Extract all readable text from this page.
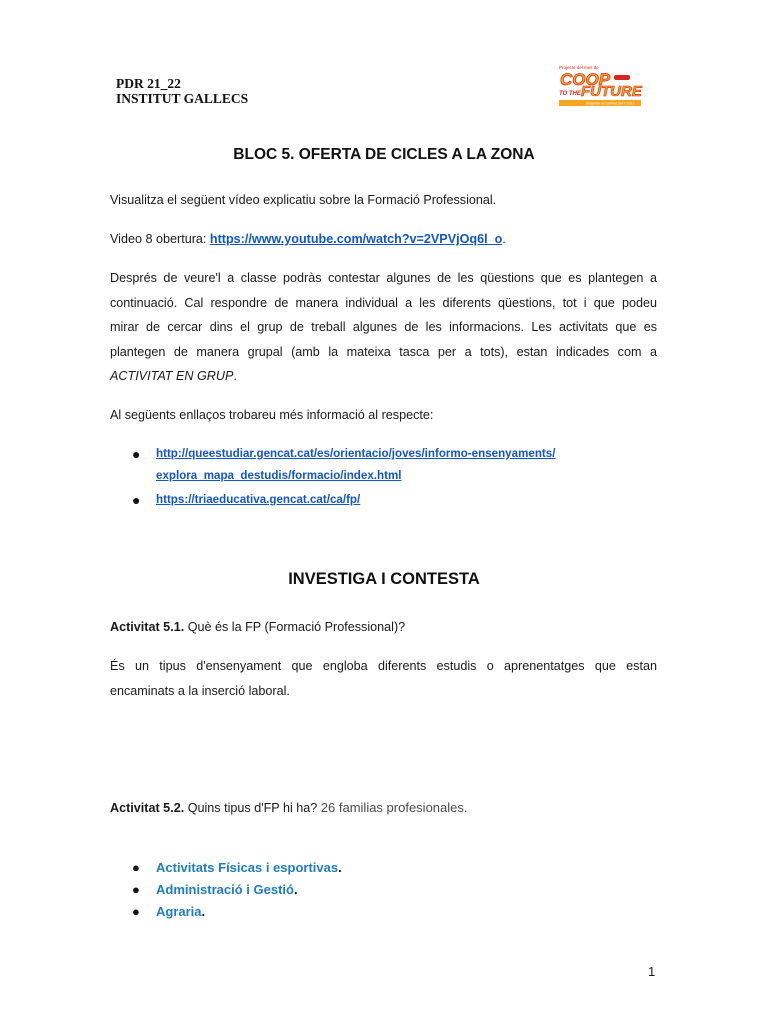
PDR 21_22
INSTITUT GALLECS
Projecte del mes de
COOP
TO THE FUTURE
progama de centres EMT 2021
BLOC 5. OFERTA DE CICLES A LA ZONA
Visualitza el següent vídeo explicatiu sobre la Formació Professional.
Video 8 obertura: https://www.youtube.com/watch?v=2VPVjOq6l_o.
Després de veure'l a classe podràs contestar algunes de les qüestions que es plantegen a
continuació. Cal respondre de manera individual a les diferents qüestions, tot i que podeu
mirar de cercar dins el grup de treball algunes de les informacions. Les activitats que es
plantegen de manera grupal (amb la mateixa tasca per a tots), estan indicades com a
ACTIVITAT EN GRUP.
Al següents enllaços trobareu més informació al respecte:
● http://queestudiar.gencat.cat/es/orientacio/joves/informo-ensenyaments/
explora_mapa_destudis/formacio/index.html
● https://triaeducativa.gencat.cat/ca/fp/
INVESTIGA I CONTESTA
Activitat 5.1. Què és la FP (Formació Professional)?
És un tipus d'ensenyament que engloba diferents estudis o aprenentatges que estan
encaminats a la inserció laboral.
Activitat 5.2. Quins tipus d'FP hi ha? 26 familias profesionales.
● Activitats Físicas i esportivas.
● Administració i Gestió.
● Agraria.
1
